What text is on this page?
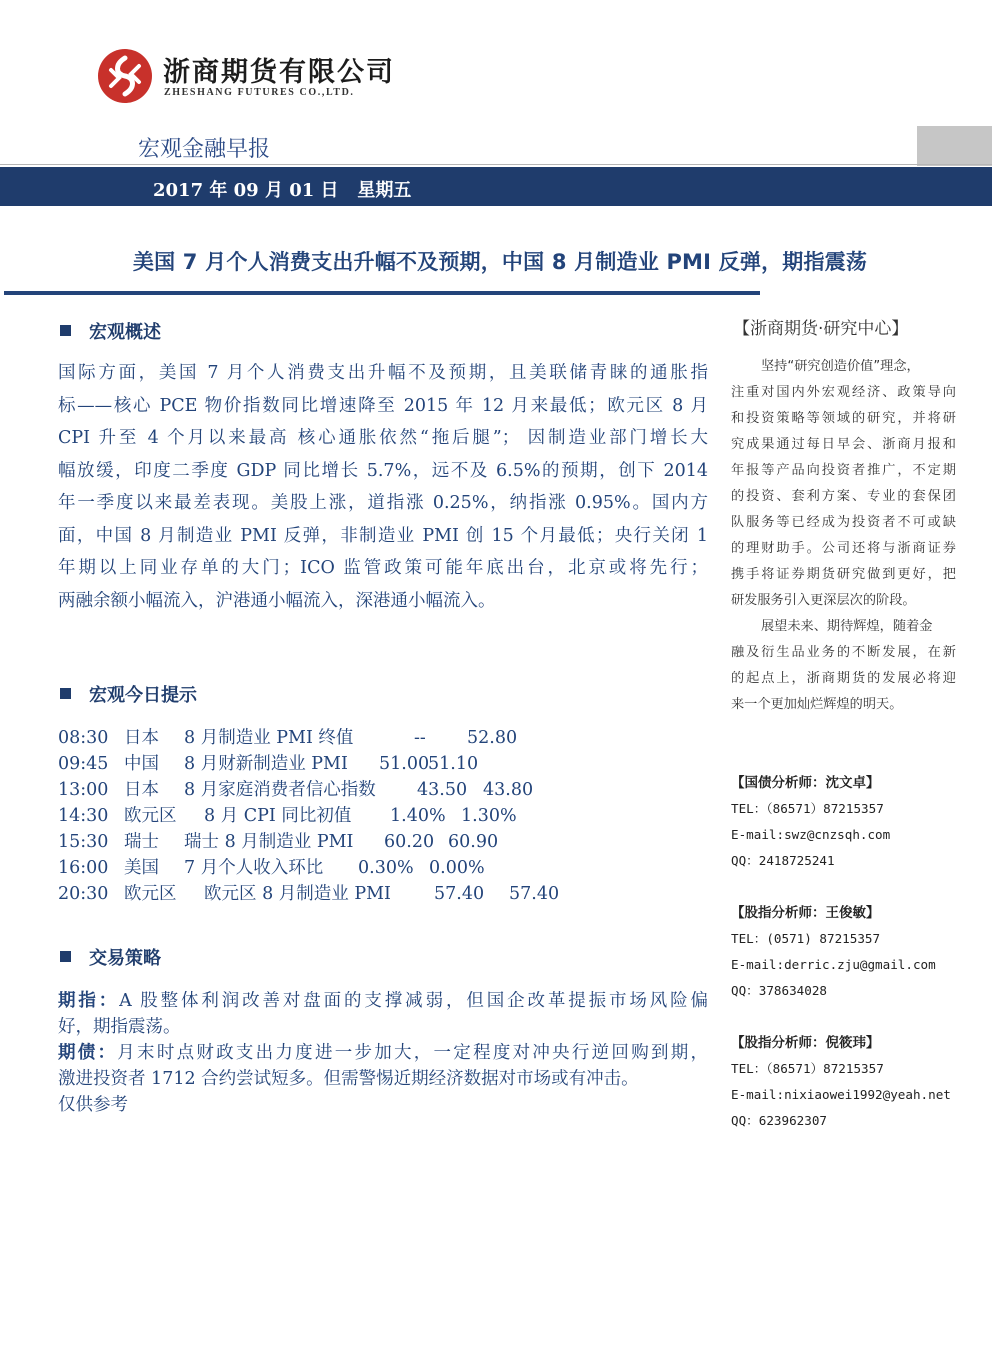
浙商期货有限公司
ZHESHANG FUTURES CO.,LTD.
宏观金融早报
2017 年 09 月 01 日 星期五
美国 7 月个人消费支出升幅不及预期，中国 8 月制造业 PMI 反弹，期指震荡
宏观概述
国际方面，美国 7 月个人消费支出升幅不及预期，且美联储青睐的通胀指
标——核心 PCE 物价指数同比增速降至 2015 年 12 月来最低；欧元区 8 月
CPI 升至 4 个月以来最高 核心通胀依然“拖后腿”； 因制造业部门增长大
幅放缓，印度二季度 GDP 同比增长 5.7%，远不及 6.5%的预期，创下 2014
年一季度以来最差表现。美股上涨，道指涨 0.25%，纳指涨 0.95%。国内方
面，中国 8 月制造业 PMI 反弹，非制造业 PMI 创 15 个月最低；央行关闭 1
年期以上同业存单的大门；ICO 监管政策可能年底出台，北京或将先行；
两融余额小幅流入，沪港通小幅流入，深港通小幅流入。
宏观今日提示
08:30 日本 8 月制造业 PMI 终值	-- 52.80
09:45 中国 8 月财新制造业 PMI 51.00
51.10
13:00 日本 8 月家庭消费者信心指数 43.50 43.80
14:30 欧元区 8 月 CPI 同比初值 1.40% 1.30%
15:30 瑞士 瑞士 8 月制造业 PMI 60.20 60.90
16:00 美国 7 月个人收入环比 0.30% 0.00%
20:30 欧元区 欧元区 8 月制造业 PMI 57.40 57.40
交易策略
期指：A 股整体利润改善对盘面的支撑减弱，但国企改革提振市场风险偏
好，期指震荡。
期债：月末时点财政支出力度进一步加大，一定程度对冲央行逆回购到期，
激进投资者 1712 合约尝试短多。但需警惕近期经济数据对市场或有冲击。
仅供参考
【浙商期货·研究中心】
坚持“研究创造价值”理念，
注重对国内外宏观经济、政策导向
和投资策略等领域的研究，并将研
究成果通过每日早会、浙商月报和
年报等产品向投资者推广，不定期
的投资、套利方案、专业的套保团
队服务等已经成为投资者不可或缺
的理财助手。公司还将与浙商证券
携手将证券期货研究做到更好，把
研发服务引入更深层次的阶段。
展望未来、期待辉煌，随着金
融及衍生品业务的不断发展，在新
的起点上，浙商期货的发展必将迎
来一个更加灿烂辉煌的明天。
【国债分析师：沈文卓】
TEL：（86571）87215357
E-mail:swz@cnzsqh.com
QQ：2418725241
【股指分析师：王俊敏】
TEL：(0571) 87215357
E-mail:derric.zju@gmail.com
QQ：378634028
【股指分析师：倪筱玮】
TEL：（86571）87215357
E-mail:nixiaowei1992@yeah.net
QQ：623962307
